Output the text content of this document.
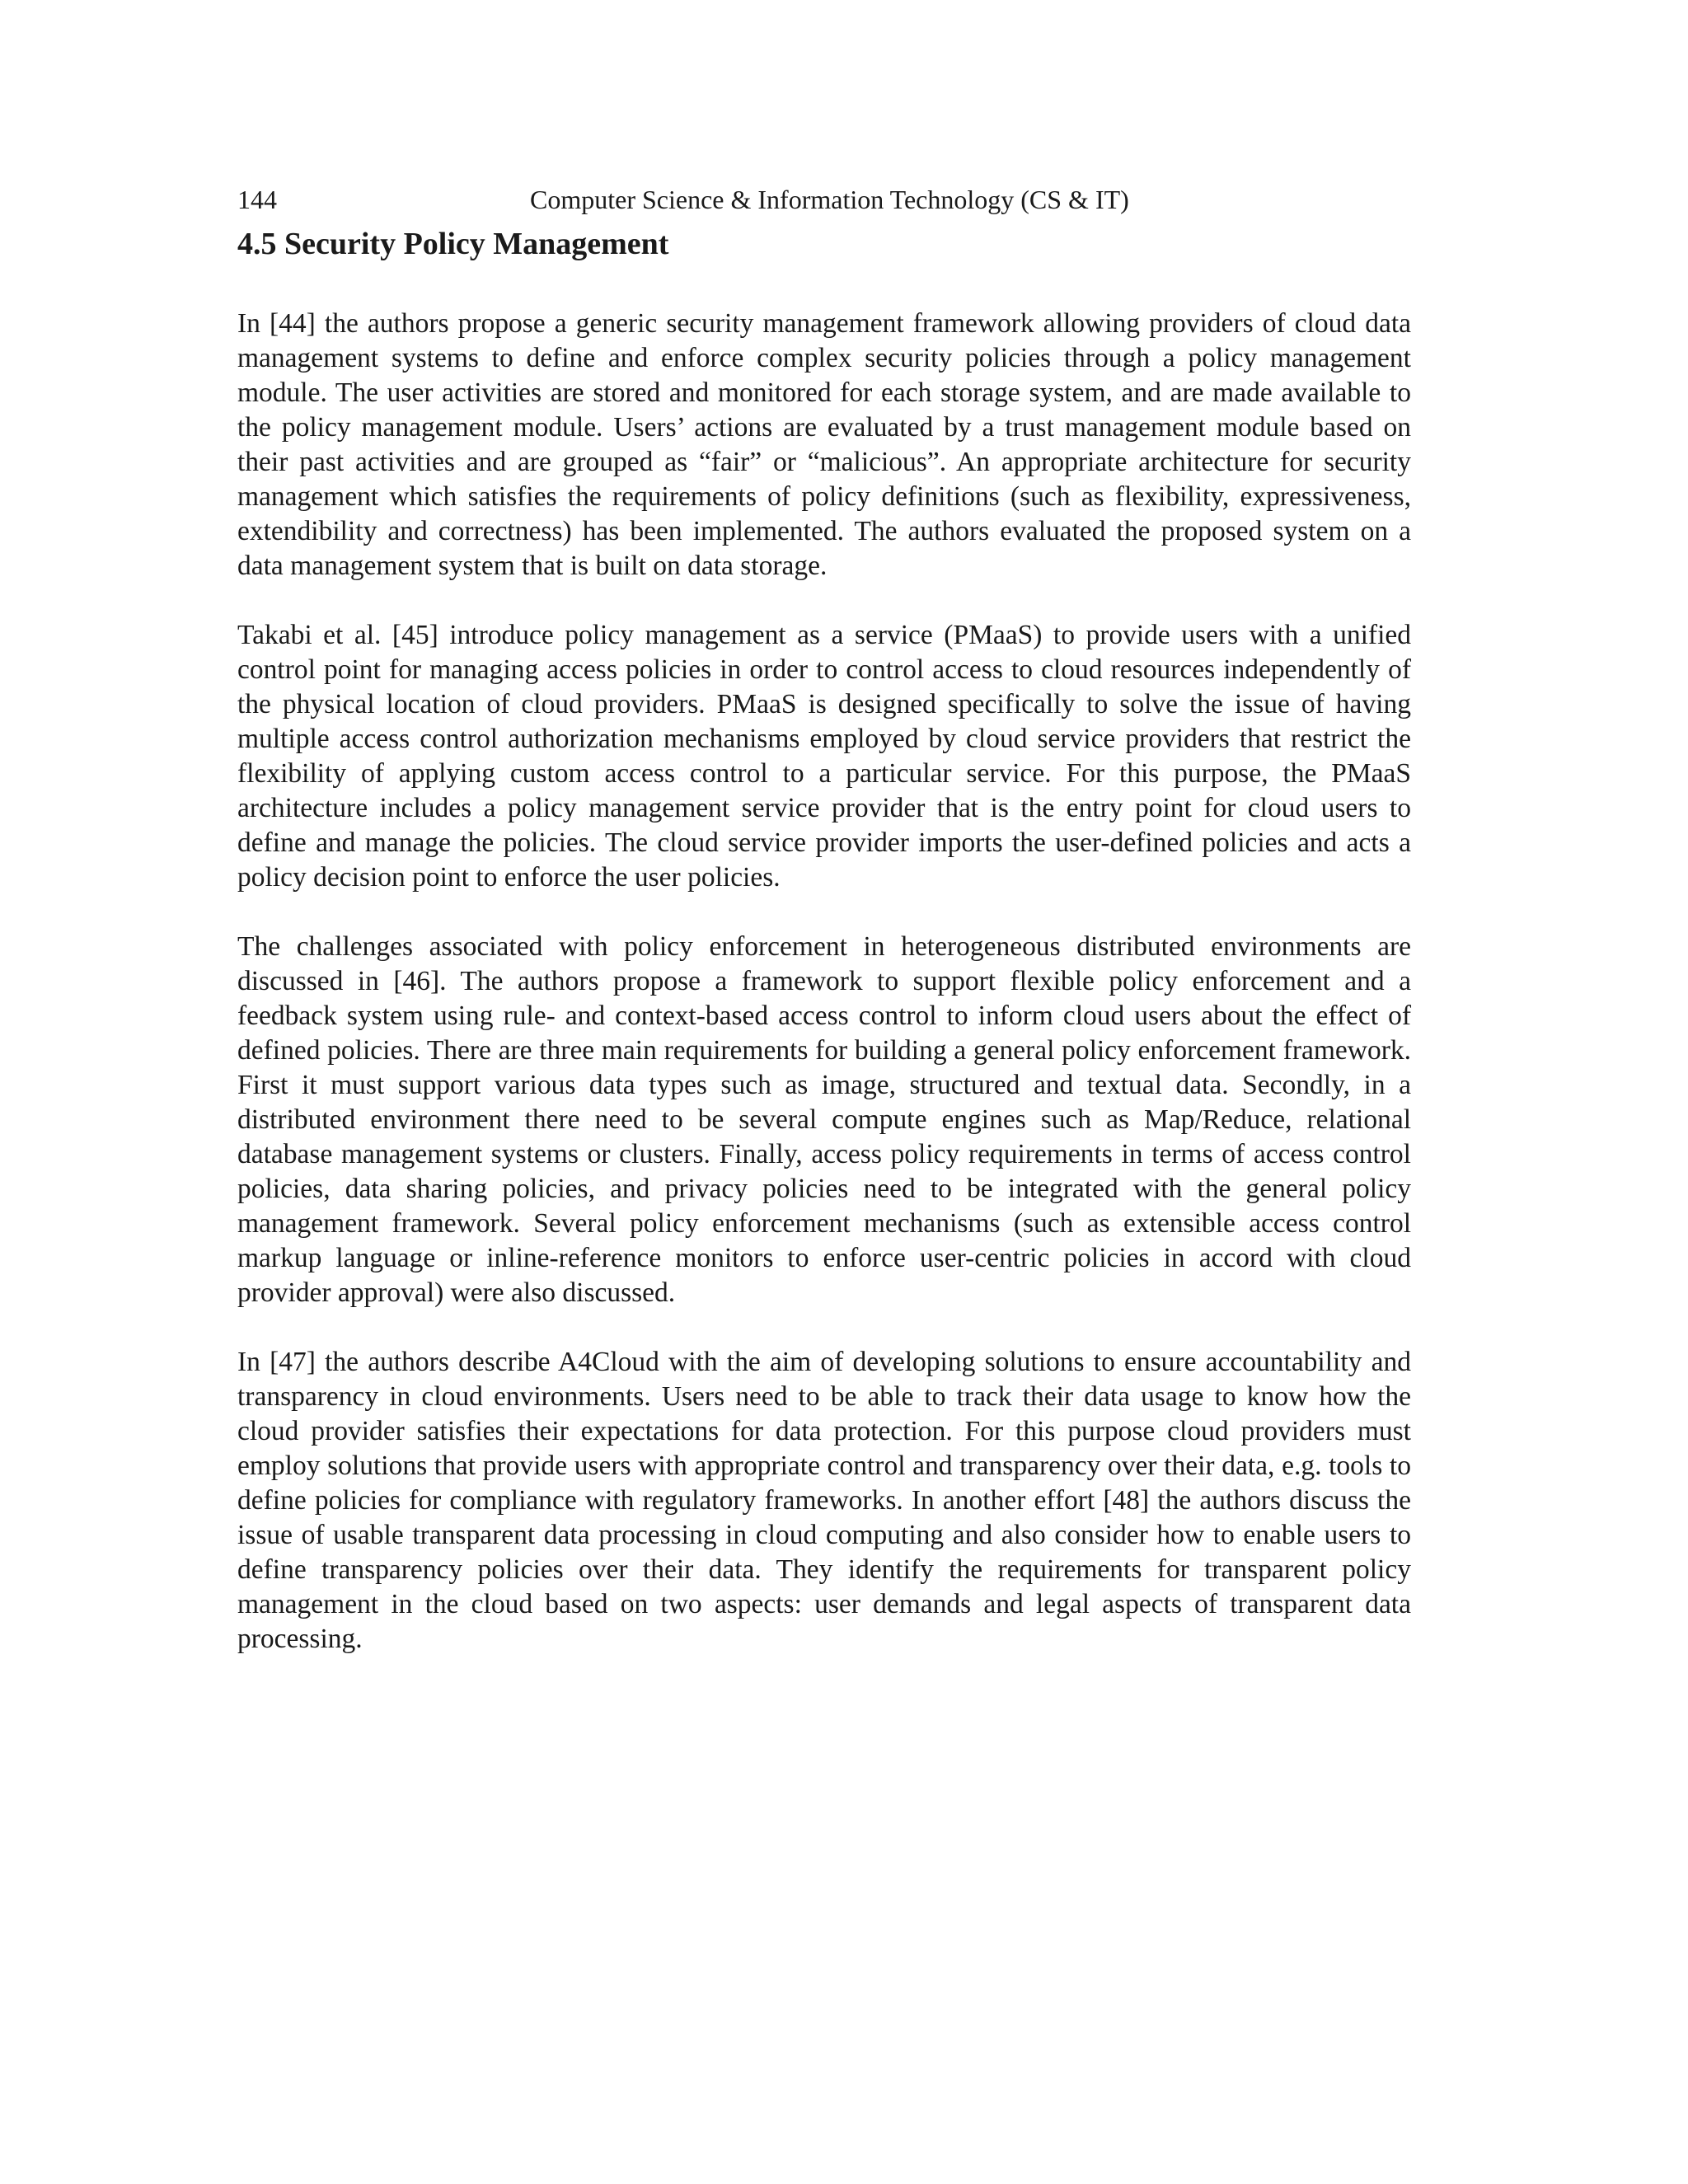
144	Computer Science & Information Technology (CS & IT)
4.5 Security Policy Management

In [44] the authors propose a generic security management framework allowing providers of cloud data management systems to define and enforce complex security policies through a policy management module. The user activities are stored and monitored for each storage system, and are made available to the policy management module. Users’ actions are evaluated by a trust management module based on their past activities and are grouped as “fair” or “malicious”. An appropriate architecture for security management which satisfies the requirements of policy definitions (such as flexibility, expressiveness, extendibility and correctness) has been implemented. The authors evaluated the proposed system on a data management system that is built on data storage.

Takabi et al. [45] introduce policy management as a service (PMaaS) to provide users with a unified control point for managing access policies in order to control access to cloud resources independently of the physical location of cloud providers. PMaaS is designed specifically to solve the issue of having multiple access control authorization mechanisms employed by cloud service providers that restrict the flexibility of applying custom access control to a particular service. For this purpose, the PMaaS architecture includes a policy management service provider that is the entry point for cloud users to define and manage the policies. The cloud service provider imports the user-defined policies and acts a policy decision point to enforce the user policies.

The challenges associated with policy enforcement in heterogeneous distributed environments are discussed in [46]. The authors propose a framework to support flexible policy enforcement and a feedback system using rule- and context-based access control to inform cloud users about the effect of defined policies. There are three main requirements for building a general policy enforcement framework. First it must support various data types such as image, structured and textual data. Secondly, in a distributed environment there need to be several compute engines such as Map/Reduce, relational database management systems or clusters. Finally, access policy requirements in terms of access control policies, data sharing policies, and privacy policies need to be integrated with the general policy management framework. Several policy enforcement mechanisms (such as extensible access control markup language or inline-reference monitors to enforce user-centric policies in accord with cloud provider approval) were also discussed.

In [47] the authors describe A4Cloud with the aim of developing solutions to ensure accountability and transparency in cloud environments. Users need to be able to track their data usage to know how the cloud provider satisfies their expectations for data protection. For this purpose cloud providers must employ solutions that provide users with appropriate control and transparency over their data, e.g. tools to define policies for compliance with regulatory frameworks. In another effort [48] the authors discuss the issue of usable transparent data processing in cloud computing and also consider how to enable users to define transparency policies over their data. They identify the requirements for transparent policy management in the cloud based on two aspects: user demands and legal aspects of transparent data processing.
